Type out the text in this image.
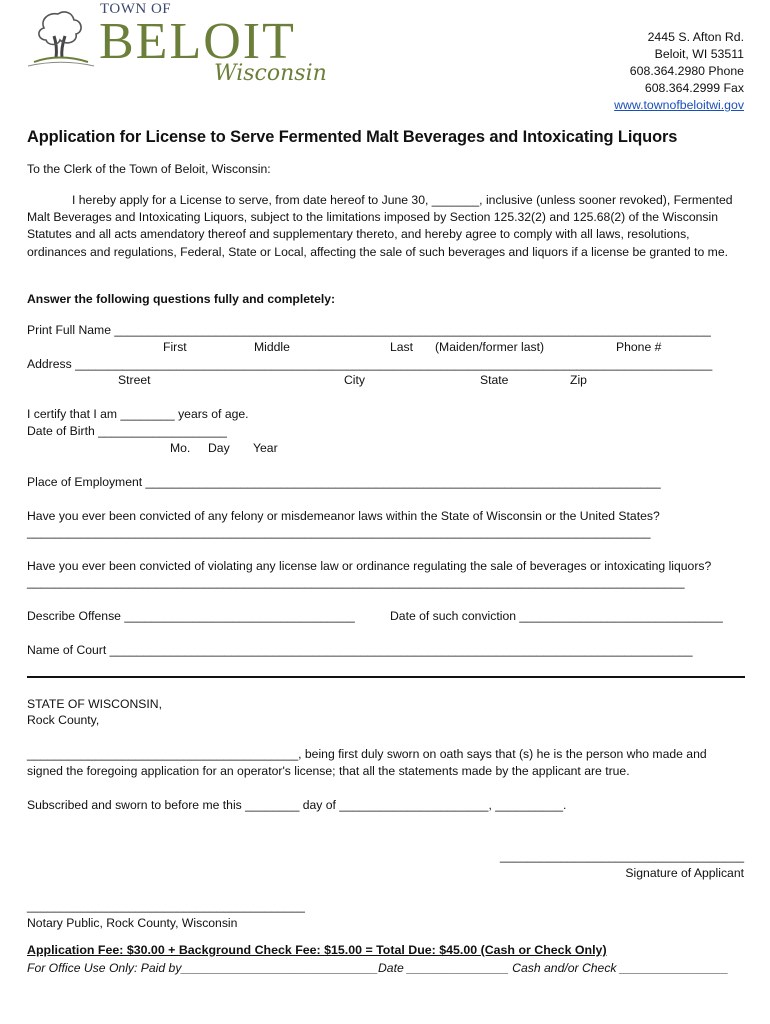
TOWN OF
BELOIT
Wisconsin
2445 S. Afton Rd.
Beloit, WI 53511
608.364.2980 Phone
608.364.2999 Fax
www.townofbeloitwi.gov
Application for License to Serve Fermented Malt Beverages and Intoxicating Liquors
To the Clerk of the Town of Beloit, Wisconsin:
I hereby apply for a License to serve, from date hereof to June 30, _______, inclusive (unless sooner revoked), Fermented Malt Beverages and Intoxicating Liquors, subject to the limitations imposed by Section 125.32(2) and 125.68(2) of the Wisconsin Statutes and all acts amendatory thereof and supplementary thereto, and hereby agree to comply with all laws, resolutions, ordinances and regulations, Federal, State or Local, affecting the sale of such beverages and liquors if a license be granted to me.
Answer the following questions fully and completely:
Print Full Name ________________________________________________________________________________________
First	Middle	Last (Maiden/former last)	Phone #
Address ______________________________________________________________________________________________
Street	City	State	Zip
I certify that I am ________ years of age.
Date of Birth ___________________
Mo. Day Year
Place of Employment ____________________________________________________________________________
Have you ever been convicted of any felony or misdemeanor laws within the State of Wisconsin or the United States?
____________________________________________________________________________________________
Have you ever been convicted of violating any license law or ordinance regulating the sale of beverages or intoxicating liquors?
_________________________________________________________________________________________________
Describe Offense __________________________________	Date of such conviction ______________________________
Name of Court ______________________________________________________________________________________
STATE OF WISCONSIN,
Rock County,
________________________________________, being first duly sworn on oath says that (s) he is the person who made and signed the foregoing application for an operator's license; that all the statements made by the applicant are true.
Subscribed and sworn to before me this ________ day of ______________________, __________.
____________________________________
Signature of Applicant
_________________________________________
Notary Public, Rock County, Wisconsin
Application Fee: $30.00 + Background Check Fee: $15.00 = Total Due: $45.00 (Cash or Check Only)
For Office Use Only: Paid by_____________________________Date _______________ Cash and/or Check ________________
